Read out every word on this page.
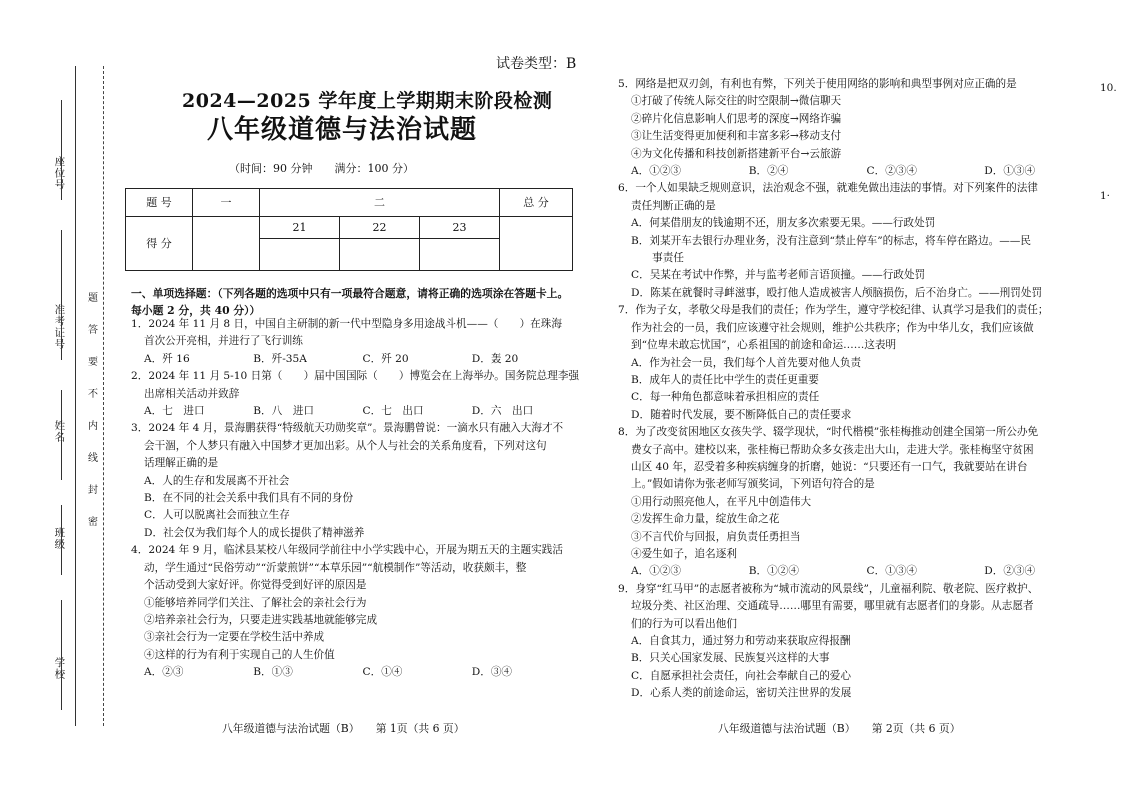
座位号
准考证号
姓名
班级
学校
题
答
要
不
内
线
封
密
试卷类型：B
2024—2025 学年度上学期期末阶段检测
八年级道德与法治试题
（时间：90 分钟　　满分：100 分）
题 号	一	二			总 分
得 分		21	22	23	

一、单项选择题：（下列各题的选项中只有一项最符合题意，请将正确的选项涂在答题卡上。每小题 2 分，共 40 分））

1．2024 年 11 月 8 日，中国自主研制的新一代中型隐身多用途战斗机——（　　）在珠海

首次公开亮相，并进行了飞行训练

A．歼 16	B．歼-35A	C．歼 20	D．轰 20

2．2024 年 11 月 5-10 日第（　　）届中国国际（　　）博览会在上海举办。国务院总理李强

出席相关活动并致辞

A．七　进口	B．八　进口	C．七　出口	D．六　出口

3．2024 年 4 月，景海鹏获得“特级航天功勋奖章”。景海鹏曾说：一滴水只有融入大海才不

会干涸，个人梦只有融入中国梦才更加出彩。从个人与社会的关系角度看，下列对这句

话理解正确的是

A．人的生存和发展离不开社会

B．在不同的社会关系中我们具有不同的身份

C．人可以脱离社会而独立生存

D．社会仅为我们每个人的成长提供了精神滋养

4．2024 年 9 月，临沭县某校八年级同学前往中小学实践中心，开展为期五天的主题实践活

动，学生通过“民俗劳动”“沂蒙煎饼”“本草乐园”“航模制作”等活动，收获颇丰，整

个活动受到大家好评。你觉得受到好评的原因是

①能够培养同学们关注、了解社会的亲社会行为

②培养亲社会行为，只要走进实践基地就能够完成

③亲社会行为一定要在学校生活中养成

④这样的行为有利于实现自己的人生价值

A．②③	B．①③	C．①④	D．③④
八年级道德与法治试题（B）　　第 1页（共 6 页）

5．网络是把双刃剑，有利也有弊，下列关于使用网络的影响和典型事例对应正确的是

①打破了传统人际交往的时空限制→微信聊天

②碎片化信息影响人们思考的深度→网络诈骗

③让生活变得更加便利和丰富多彩→移动支付

④为文化传播和科技创新搭建新平台→云旅游

A．①②③	B．②④	C．②③④	D．①③④

6．一个人如果缺乏规则意识，法治观念不强，就难免做出违法的事情。对下列案件的法律

责任判断正确的是

A．何某借朋友的钱逾期不还，朋友多次索要无果。——行政处罚

B．刘某开车去银行办理业务，没有注意到“禁止停车”的标志，将车停在路边。——民

　　事责任

C．吴某在考试中作弊，并与监考老师言语顶撞。——行政处罚

D．陈某在就餐时寻衅滋事，殴打他人造成被害人颅脑损伤，后不治身亡。——刑罚处罚

7．作为子女，孝敬父母是我们的责任；作为学生，遵守学校纪律、认真学习是我们的责任；

作为社会的一员，我们应该遵守社会规则，维护公共秩序；作为中华儿女，我们应该做

到“位卑未敢忘忧国”，心系祖国的前途和命运……这表明

A．作为社会一员，我们每个人首先要对他人负责

B．成年人的责任比中学生的责任更重要

C．每一种角色都意味着承担相应的责任

D．随着时代发展，要不断降低自己的责任要求

8．为了改变贫困地区女孩失学、辍学现状，“时代楷模”张桂梅推动创建全国第一所公办免

费女子高中。建校以来，张桂梅已帮助众多女孩走出大山，走进大学。张桂梅坚守贫困

山区 40 年，忍受着多种疾病缠身的折磨，她说：“只要还有一口气，我就要站在讲台

上。”假如请你为张老师写颁奖词，下列语句符合的是

①用行动照亮他人，在平凡中创造伟大

②发挥生命力量，绽放生命之花

③不言代价与回报，肩负责任勇担当

④爱生如子，追名逐利

A．①②③	B．①②④	C．①③④	D．②③④

9．身穿“红马甲”的志愿者被称为“城市流动的风景线”，儿童福利院、敬老院、医疗救护、

垃圾分类、社区治理、交通疏导……哪里有需要，哪里就有志愿者们的身影。从志愿者

们的行为可以看出他们

A．自食其力，通过努力和劳动来获取应得报酬

B．只关心国家发展、民族复兴这样的大事

C．自愿承担社会责任，向社会奉献自己的爱心

D．心系人类的前途命运，密切关注世界的发展

八年级道德与法治试题（B）　　第 2页（共 6 页）
10.
1·
